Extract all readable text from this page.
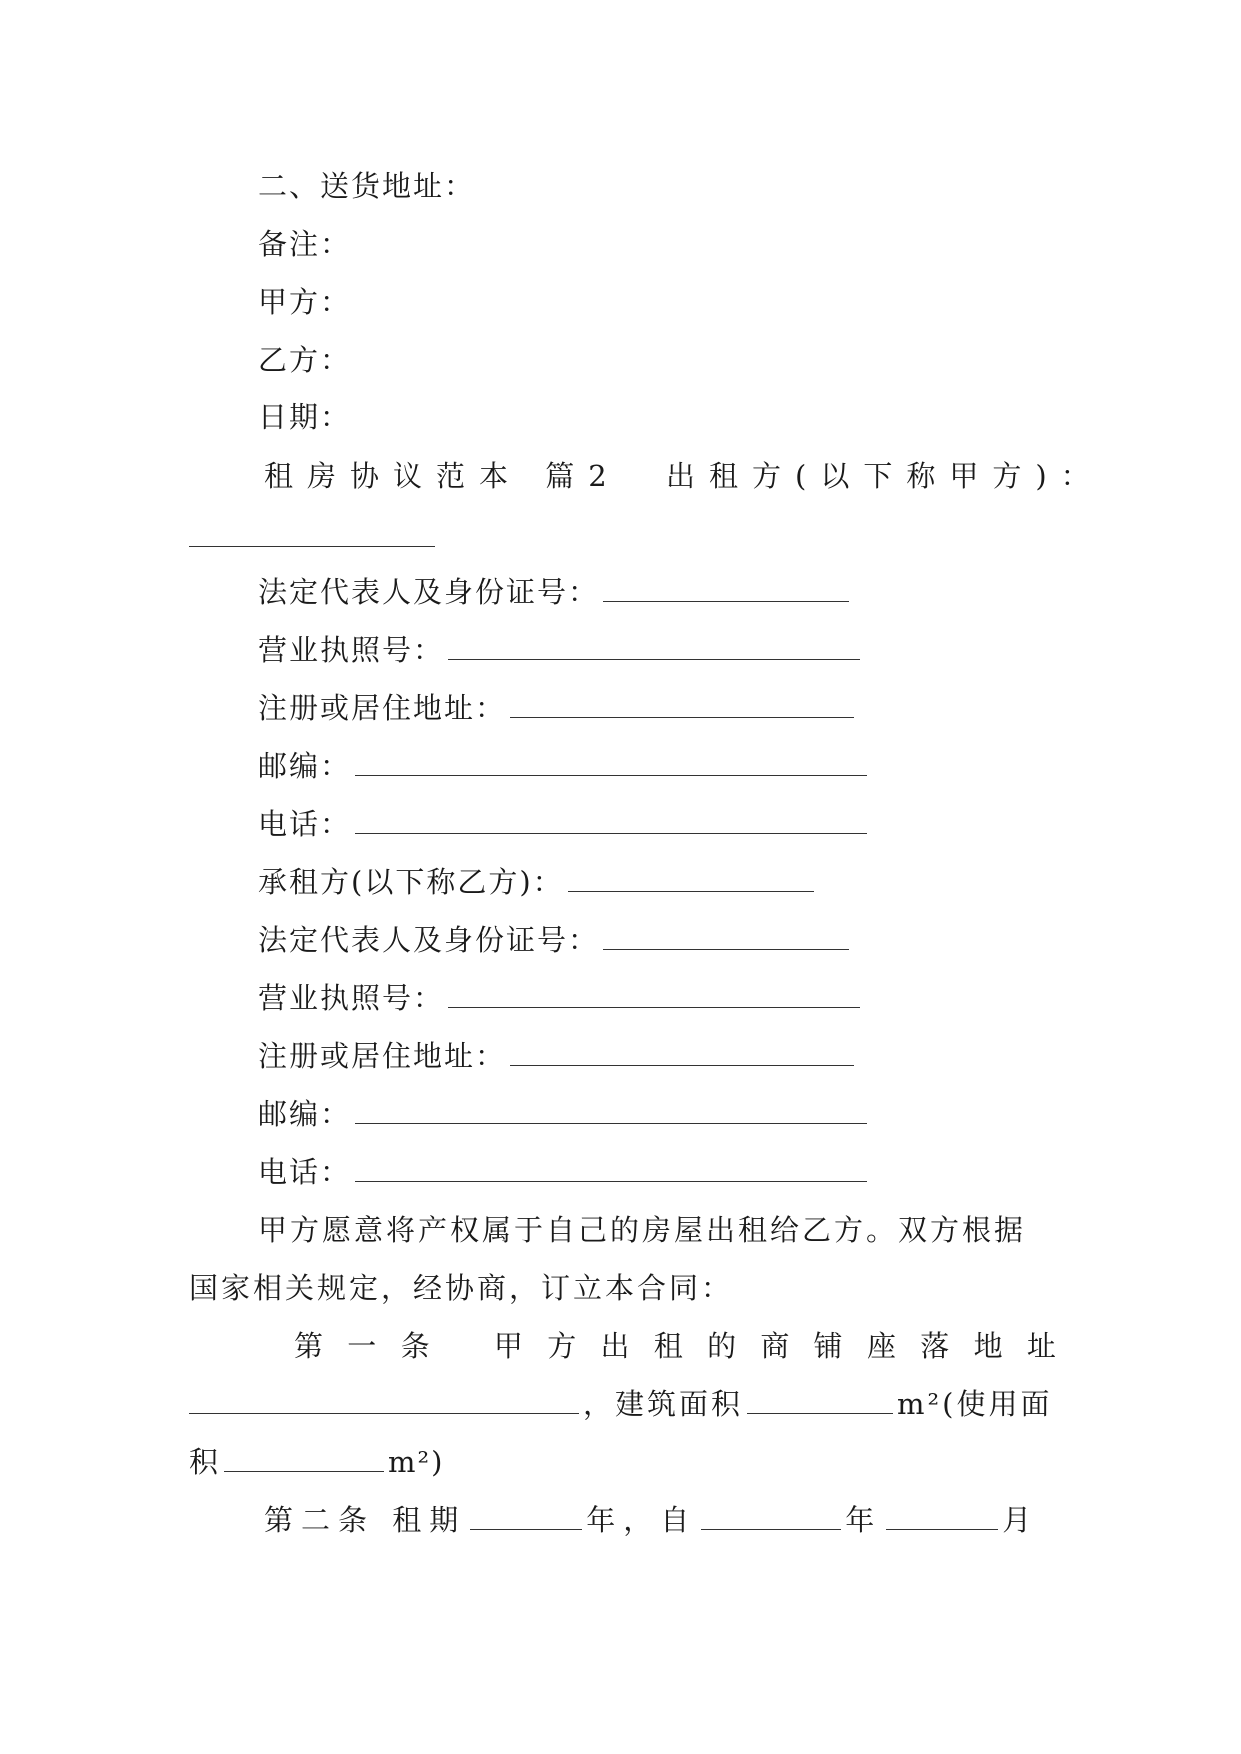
二、送货地址：
备注：
甲方：
乙方：
日期：
租房协议范本 篇2 出租方(以下称甲方)：
法定代表人及身份证号：
营业执照号：
注册或居住地址：
邮编：
电话：
承租方(以下称乙方)：
法定代表人及身份证号：
营业执照号：
注册或居住地址：
邮编：
电话：
甲方愿意将产权属于自己的房屋出租给乙方。双方根据
国家相关规定，经协商，订立本合同：
第 一 条 甲 方 出 租 的 商 铺 座 落 地 址
，建筑面积	m²(使用面
积	m²)
第二条 租期	年，自	年	月
